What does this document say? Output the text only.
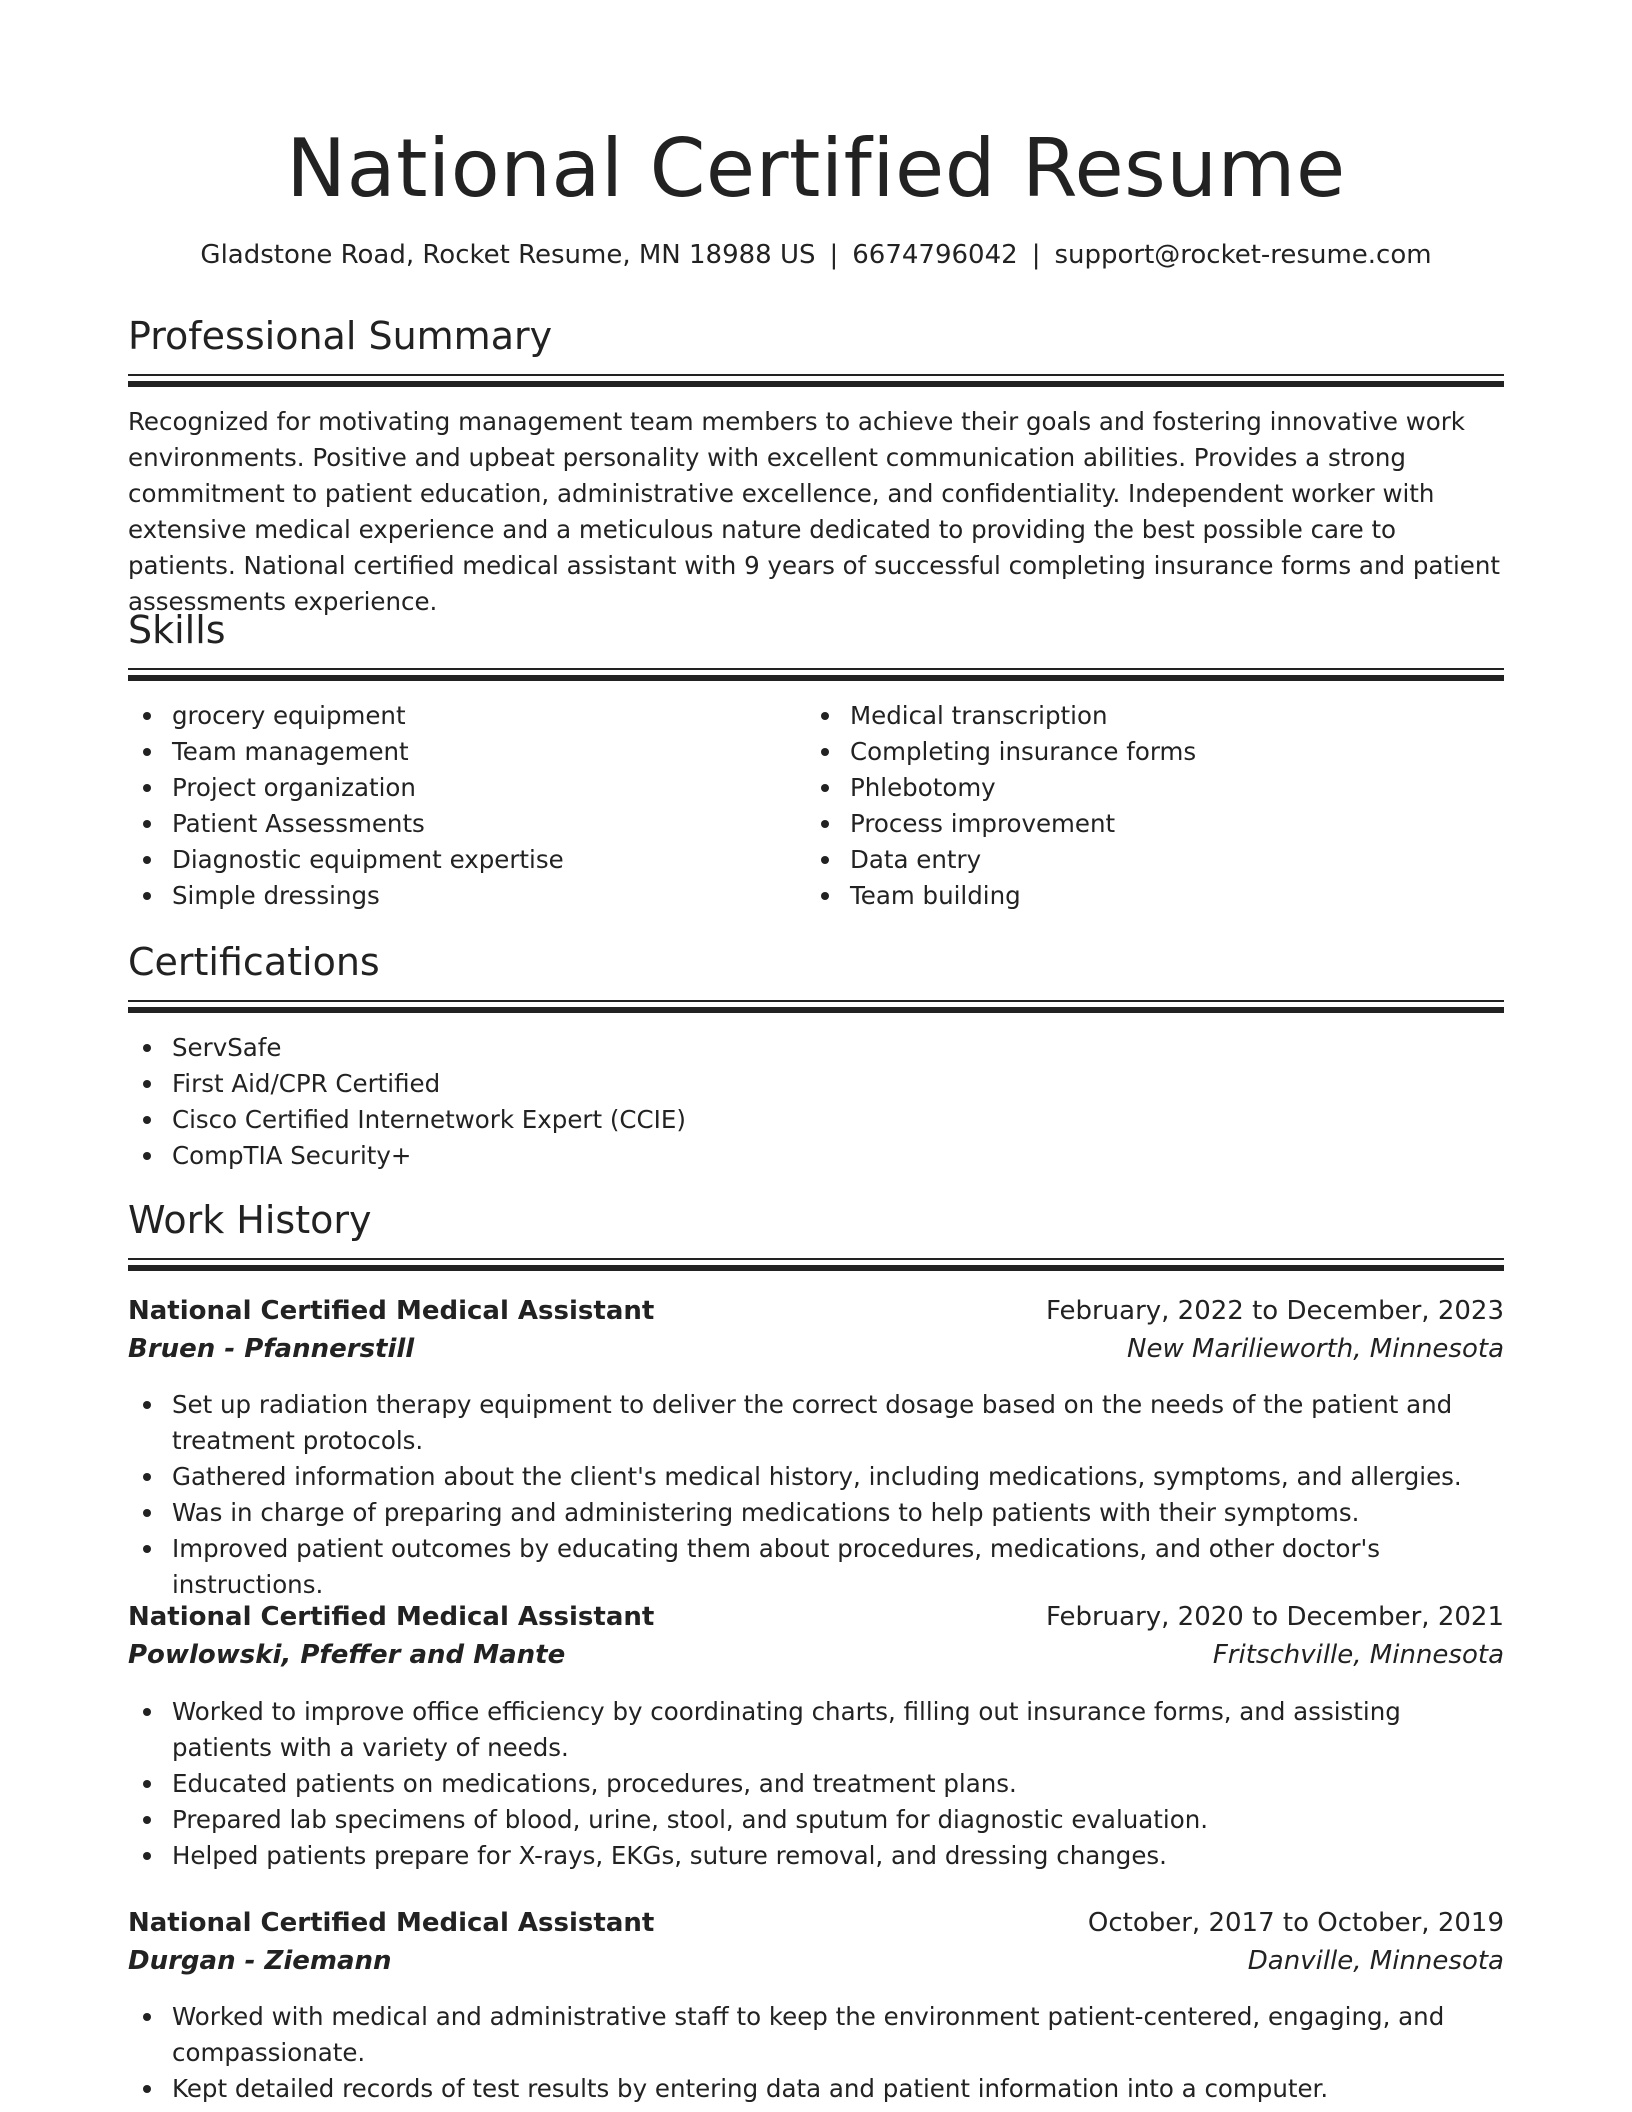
National Certified Resume
Gladstone Road, Rocket Resume, MN 18988 US | 6674796042 | support@rocket-resume.com
Professional Summary

Recognized for motivating management team members to achieve their goals and fostering innovative work environments. Positive and upbeat personality with excellent communication abilities. Provides a strong commitment to patient education, administrative excellence, and confidentiality. Independent worker with extensive medical experience and a meticulous nature dedicated to providing the best possible care to patients. National certified medical assistant with 9 years of successful completing insurance forms and patient assessments experience.

Skills
grocery equipment
Team management
Project organization
Patient Assessments
Diagnostic equipment expertise
Simple dressings
Medical transcription
Completing insurance forms
Phlebotomy
Process improvement
Data entry
Team building
Certifications
ServSafe
First Aid/CPR Certified
Cisco Certified Internetwork Expert (CCIE)
CompTIA Security+
Work History
National Certified Medical Assistant	February, 2022 to December, 2023
Bruen - Pfannerstill	New Marilieworth, Minnesota
Set up radiation therapy equipment to deliver the correct dosage based on the needs of the patient and treatment protocols.
Gathered information about the client's medical history, including medications, symptoms, and allergies.
Was in charge of preparing and administering medications to help patients with their symptoms.
Improved patient outcomes by educating them about procedures, medications, and other doctor's instructions.
National Certified Medical Assistant	February, 2020 to December, 2021
Powlowski, Pfeffer and Mante	Fritschville, Minnesota
Worked to improve office efficiency by coordinating charts, filling out insurance forms, and assisting patients with a variety of needs.
Educated patients on medications, procedures, and treatment plans.
Prepared lab specimens of blood, urine, stool, and sputum for diagnostic evaluation.
Helped patients prepare for X-rays, EKGs, suture removal, and dressing changes.
National Certified Medical Assistant	October, 2017 to October, 2019
Durgan - Ziemann	Danville, Minnesota
Worked with medical and administrative staff to keep the environment patient-centered, engaging, and compassionate.
Kept detailed records of test results by entering data and patient information into a computer.
